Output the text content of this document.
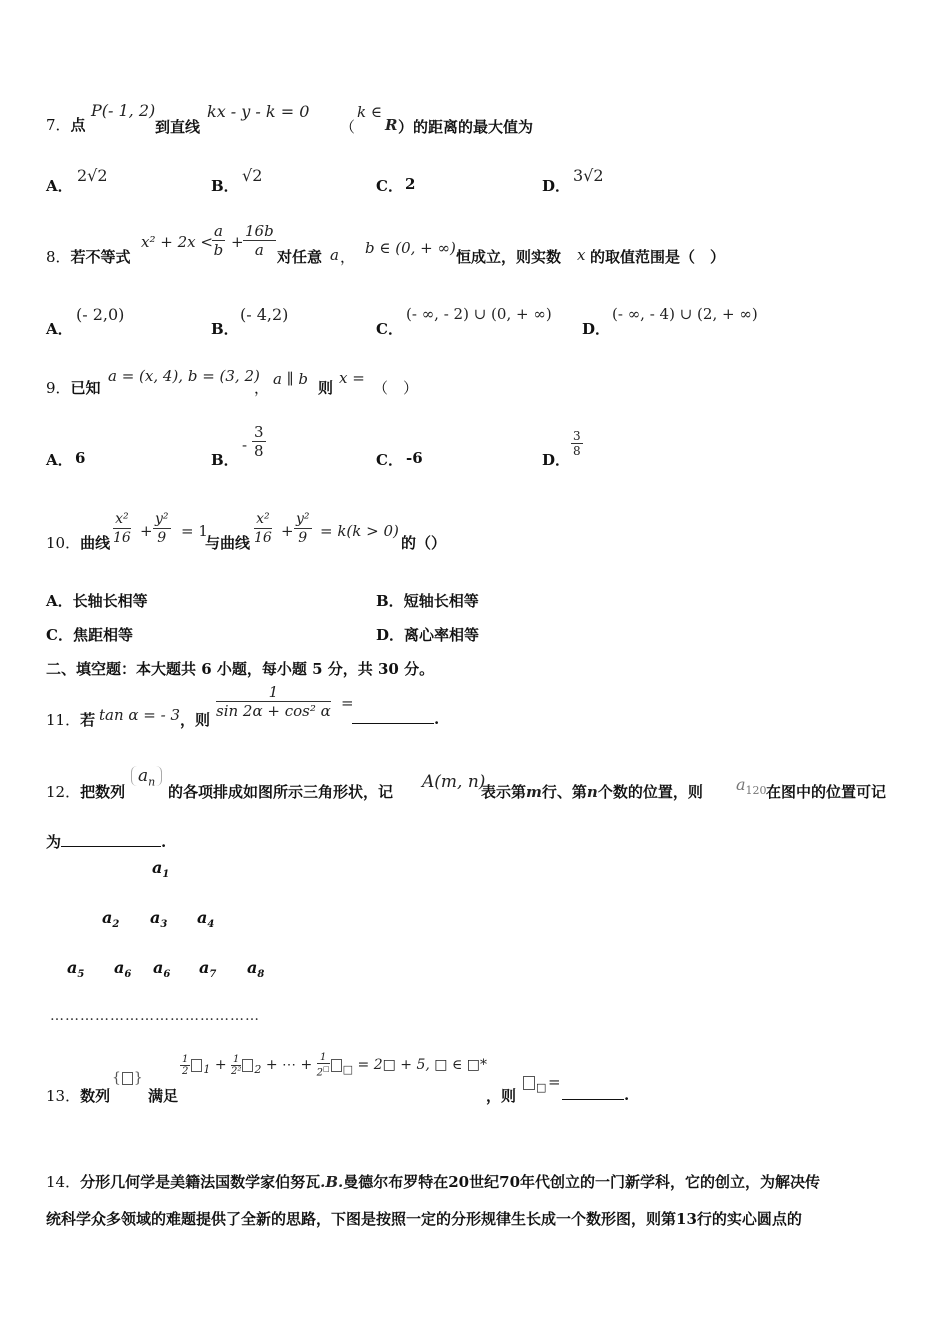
7．点
P(- 1, 2)
到直线
kx - y - k = 0
（
k ∈
R ）的距离的最大值为
A．
2√2
B．
√2
C． 2	D．
3√2
8．若不等式
$x^2 + 2x < \frac{a}{b} + \frac{16b}{a}$ 对任意 a ， b ∈ (0, + ∞) 恒成立，则实数 x 的取值范围是（　）
A．
(- 2,0)
B．
(- 4,2)
C．
(- ∞, - 2) ∪ (0, + ∞)
D．
(- ∞, - 4) ∪ (2, + ∞)
9．已知
a = (x, 4), b = (3, 2)
， a ∥ b 则
x =
（　）
A． 6	B．
- $\frac{3}{8}$	C． -6	D．
$\frac{3}{8}$
10．曲线 $\frac{\text{x²}}{16} + \frac{\text{y²}}{9} = 1$
与曲线 $\frac{\text{x²}}{16} + \frac{\text{y²}}{9} = k(k > 0)$
的（）
A．长轴长相等	B．短轴长相等
C．焦距相等	D．离心率相等
二、填空题：本大题共 6 小题，每小题 5 分，共 30 分。
11．若 tan α = - 3 ，则 $\frac{1}{\text{sin 2α + cos² α}}$ =
.
12．把数列
$a_n$
的各项排成如图所示三角形状，记 A(m, n)
表示第m行、第n个数的位置，则 $a_{120}$ 在图中的位置可记
为	.
$a_1$
$a_2$ $a_3$ $a_4$
$a_5$ $a_6$ $a_6$ $a_7$ $a_8$
……………………………………
13．数列
{ }
满足
$\frac{1}{2} _1 + \frac{1}{\text{2²}} _2$ + ⋯ + $\frac{1}{2^□} _□$ = 2□ + 5, □ ∈ □*
，则	$_□$ =
.
14．分形几何学是美籍法国数学家伯努瓦.B.曼德尔布罗特在20世纪70年代创立的一门新学科，它的创立，为解决传
统科学众多领域的难题提供了全新的思路，下图是按照一定的分形规律生长成一个数形图，则第13行的实心圆点的
